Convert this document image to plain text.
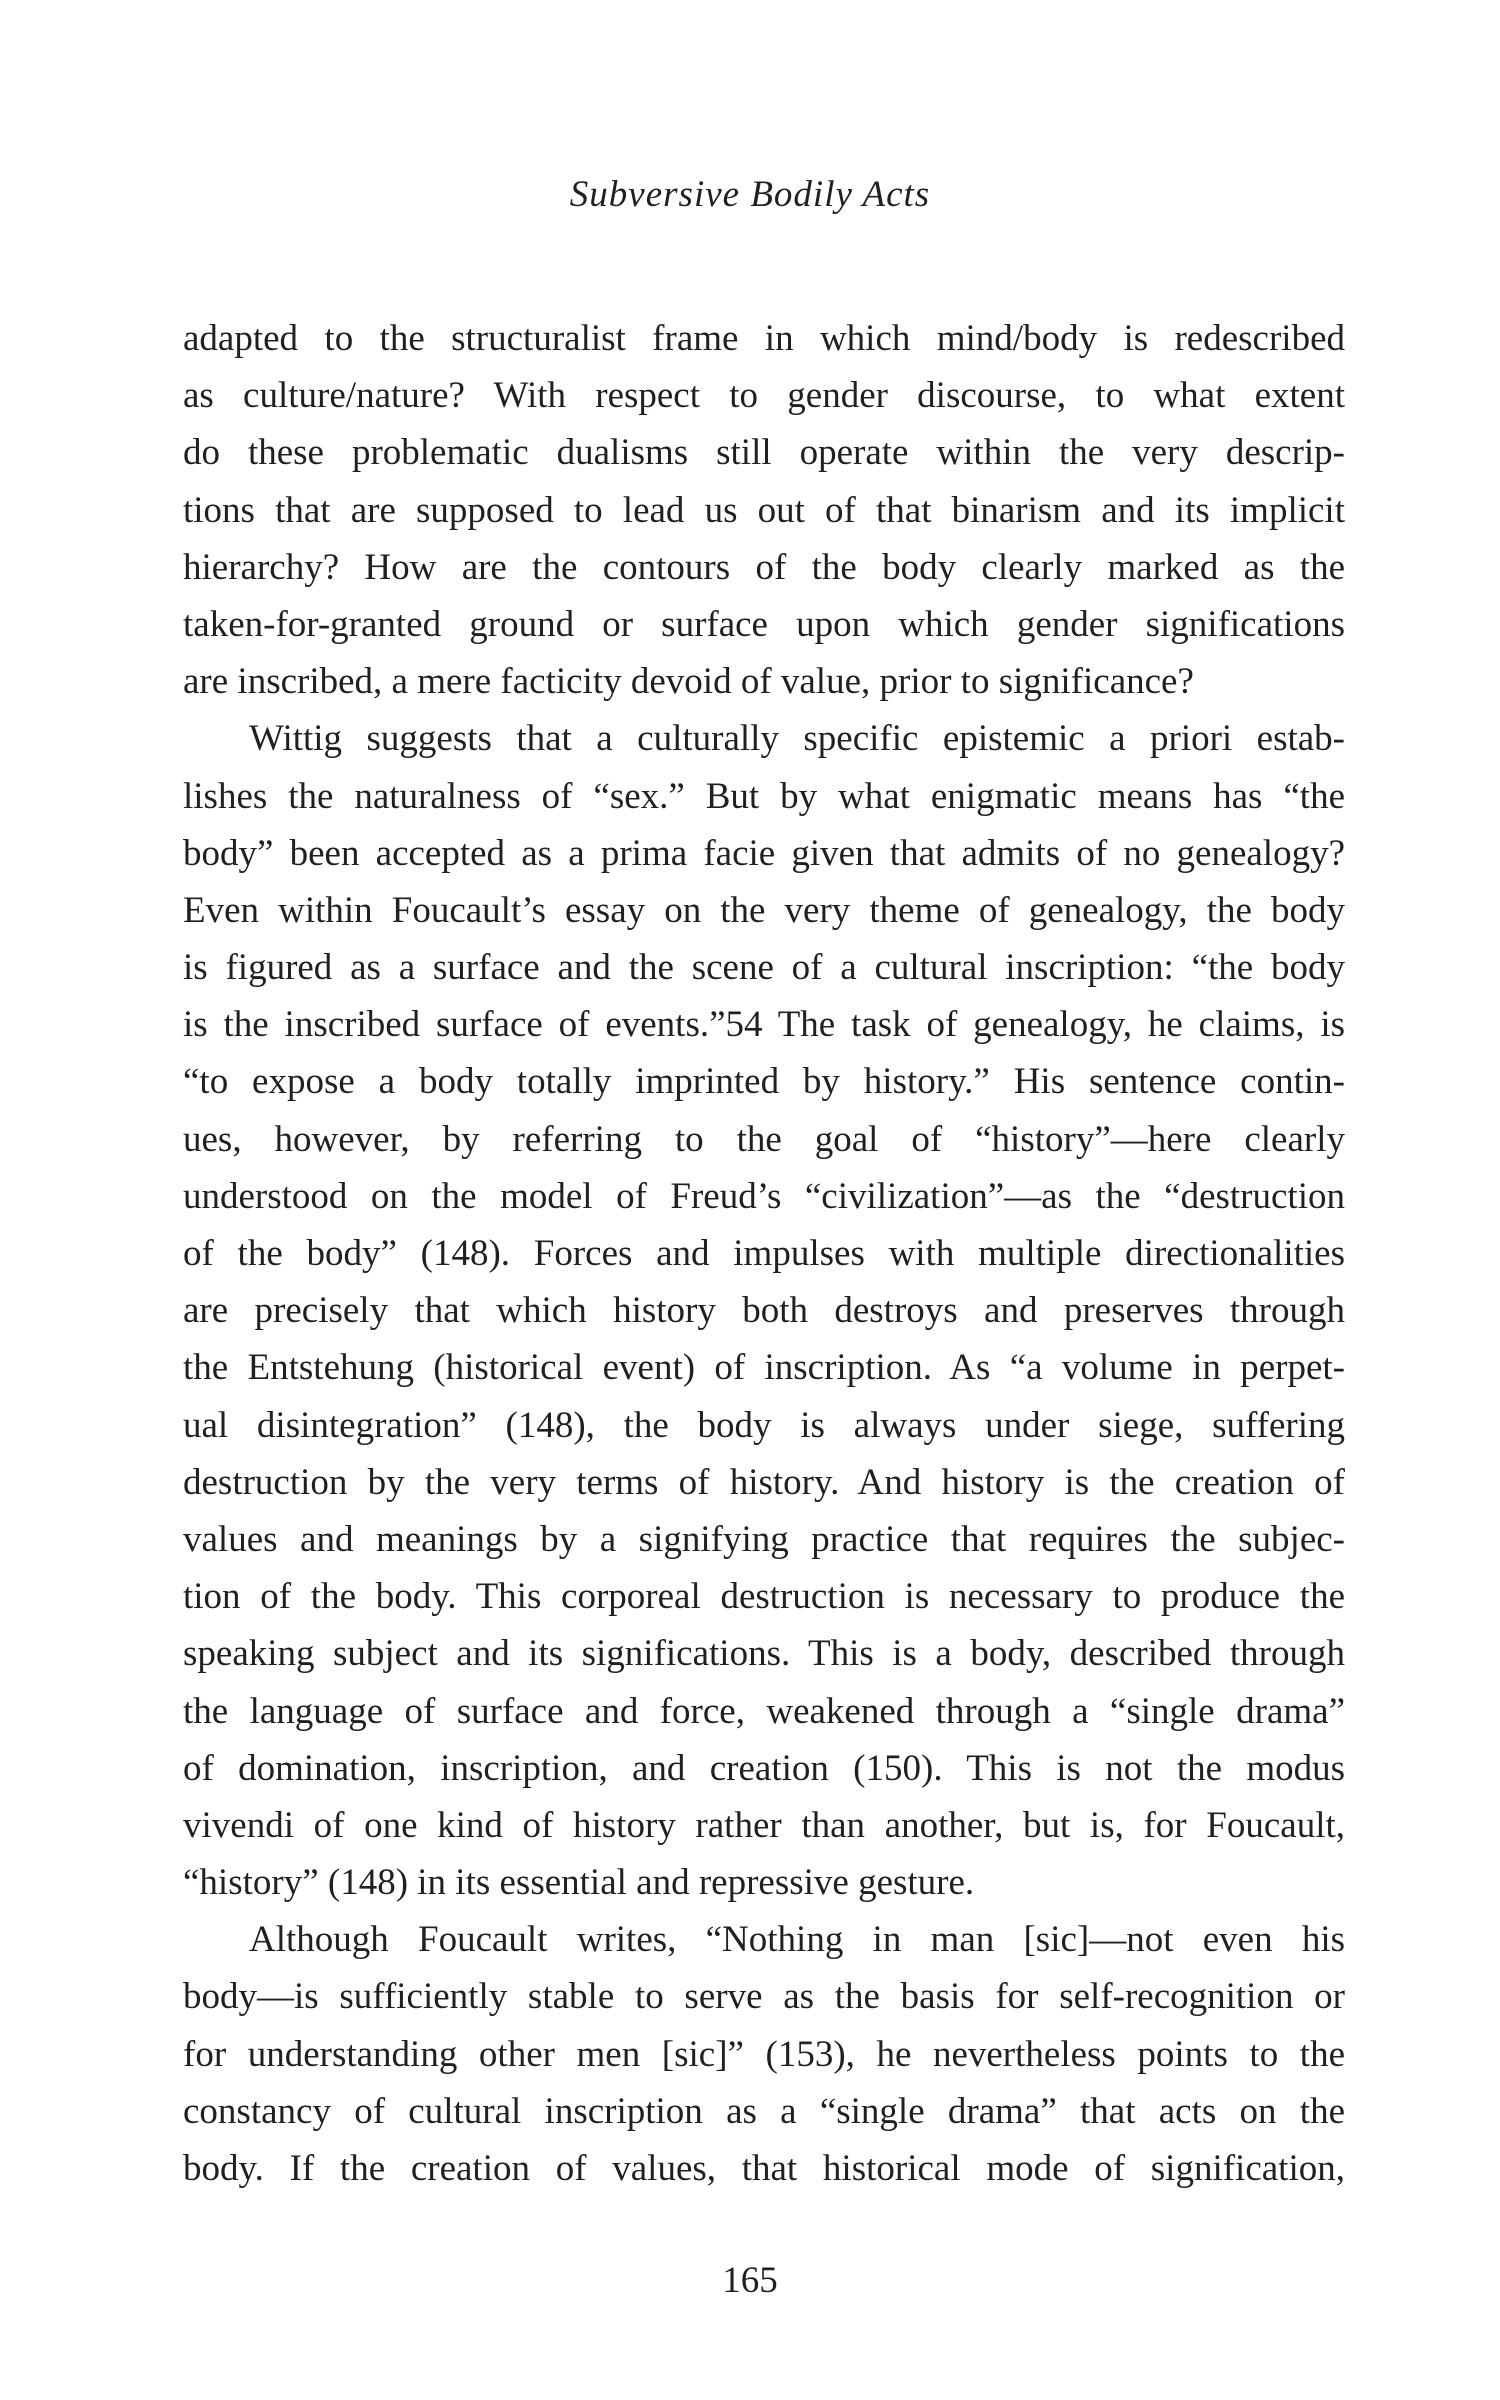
Subversive Bodily Acts
adapted to the structuralist frame in which mind/body is redescribed
as culture/nature? With respect to gender discourse, to what extent
do these problematic dualisms still operate within the very descrip-
tions that are supposed to lead us out of that binarism and its implicit
hierarchy? How are the contours of the body clearly marked as the
taken-for-granted ground or surface upon which gender significations
are inscribed, a mere facticity devoid of value, prior to significance?
Wittig suggests that a culturally specific epistemic a priori estab-
lishes the naturalness of “sex.” But by what enigmatic means has “the
body” been accepted as a prima facie given that admits of no genealogy?
Even within Foucault’s essay on the very theme of genealogy, the body
is figured as a surface and the scene of a cultural inscription: “the body
is the inscribed surface of events.”54 The task of genealogy, he claims, is
“to expose a body totally imprinted by history.” His sentence contin-
ues, however, by referring to the goal of “history”—here clearly
understood on the model of Freud’s “civilization”—as the “destruction
of the body” (148). Forces and impulses with multiple directionalities
are precisely that which history both destroys and preserves through
the Entstehung (historical event) of inscription. As “a volume in perpet-
ual disintegration” (148), the body is always under siege, suffering
destruction by the very terms of history. And history is the creation of
values and meanings by a signifying practice that requires the subjec-
tion of the body. This corporeal destruction is necessary to produce the
speaking subject and its significations. This is a body, described through
the language of surface and force, weakened through a “single drama”
of domination, inscription, and creation (150). This is not the modus
vivendi of one kind of history rather than another, but is, for Foucault,
“history” (148) in its essential and repressive gesture.
Although Foucault writes, “Nothing in man [sic]—not even his
body—is sufficiently stable to serve as the basis for self-recognition or
for understanding other men [sic]” (153), he nevertheless points to the
constancy of cultural inscription as a “single drama” that acts on the
body. If the creation of values, that historical mode of signification,
165
